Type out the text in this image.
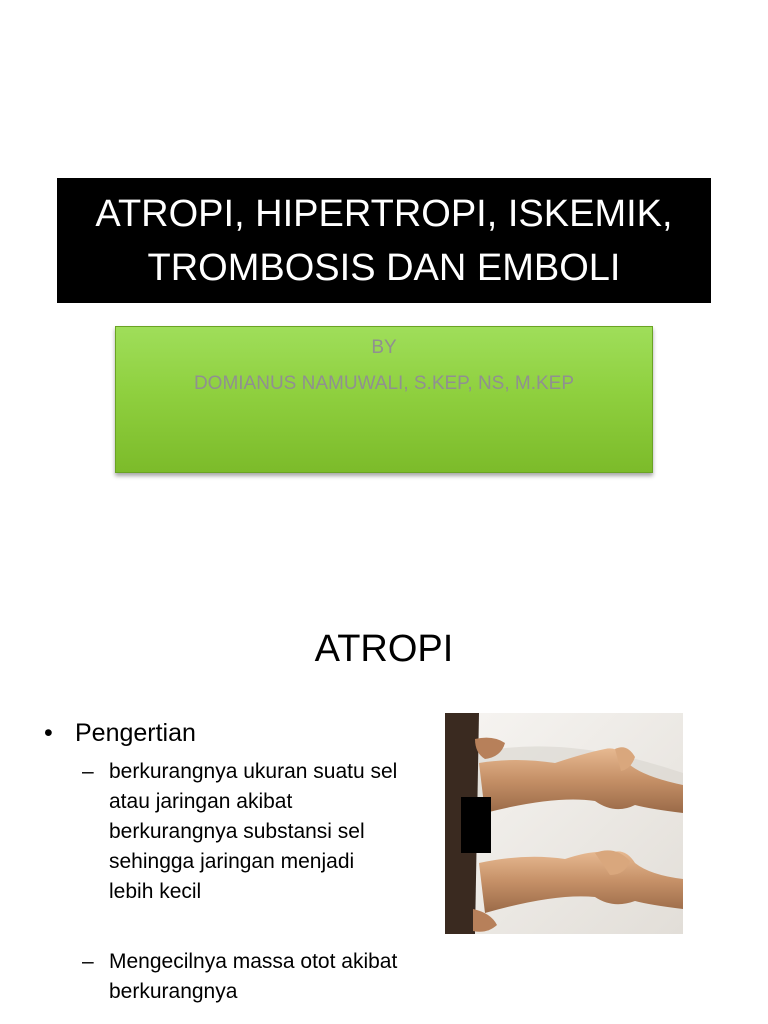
ATROPI, HIPERTROPI, ISKEMIK,
TROMBOSIS DAN EMBOLI
BY
DOMIANUS NAMUWALI, S.KEP, NS, M.KEP
ATROPI
• Pengertian
– berkurangnya ukuran suatu sel atau jaringan akibat berkurangnya substansi sel sehingga jaringan menjadi lebih kecil
– Mengecilnya massa otot akibat berkurangnya
